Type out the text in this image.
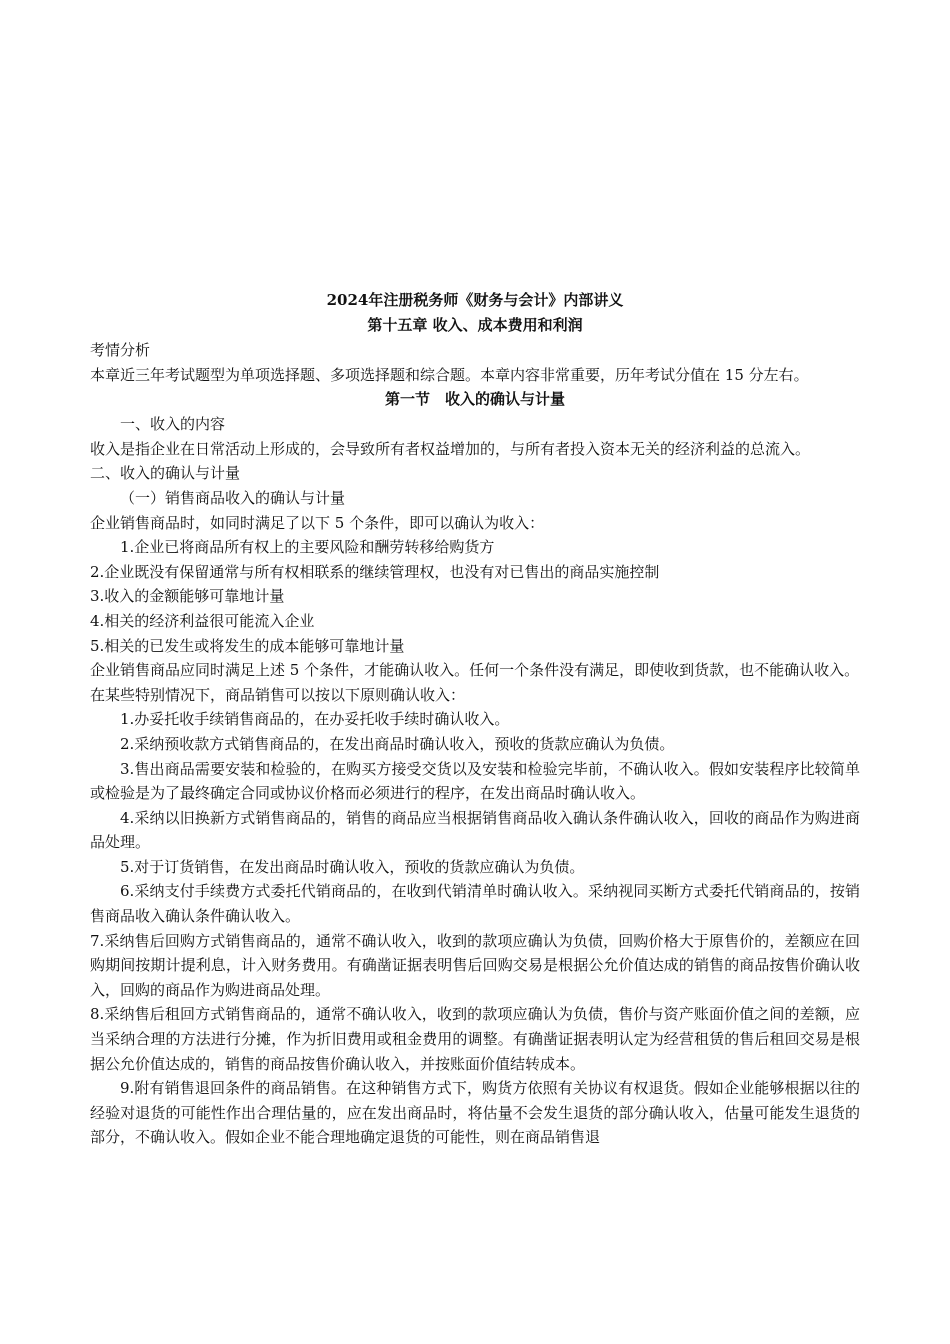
2024年注册税务师《财务与会计》内部讲义
第十五章 收入、成本费用和利润

考情分析

本章近三年考试题型为单项选择题、多项选择题和综合题。本章内容非常重要，历年考试分值在 15 分左右。

第一节　收入的确认与计量

一、收入的内容

收入是指企业在日常活动上形成的，会导致所有者权益增加的，与所有者投入资本无关的经济利益的总流入。

二、收入的确认与计量

（一）销售商品收入的确认与计量

企业销售商品时，如同时满足了以下 5 个条件，即可以确认为收入：

1.企业已将商品所有权上的主要风险和酬劳转移给购货方

2.企业既没有保留通常与所有权相联系的继续管理权，也没有对已售出的商品实施控制

3.收入的金额能够可靠地计量

4.相关的经济利益很可能流入企业

5.相关的已发生或将发生的成本能够可靠地计量

企业销售商品应同时满足上述 5 个条件，才能确认收入。任何一个条件没有满足，即使收到货款，也不能确认收入。

在某些特别情况下，商品销售可以按以下原则确认收入：

1.办妥托收手续销售商品的，在办妥托收手续时确认收入。

2.采纳预收款方式销售商品的，在发出商品时确认收入，预收的货款应确认为负债。

3.售出商品需要安装和检验的，在购买方接受交货以及安装和检验完毕前，不确认收入。假如安装程序比较简单或检验是为了最终确定合同或协议价格而必须进行的程序，在发出商品时确认收入。

4.采纳以旧换新方式销售商品的，销售的商品应当根据销售商品收入确认条件确认收入，回收的商品作为购进商品处理。

5.对于订货销售，在发出商品时确认收入，预收的货款应确认为负债。

6.采纳支付手续费方式委托代销商品的，在收到代销清单时确认收入。采纳视同买断方式委托代销商品的，按销售商品收入确认条件确认收入。

7.采纳售后回购方式销售商品的，通常不确认收入，收到的款项应确认为负债，回购价格大于原售价的，差额应在回购期间按期计提利息，计入财务费用。有确凿证据表明售后回购交易是根据公允价值达成的销售的商品按售价确认收入，回购的商品作为购进商品处理。

8.采纳售后租回方式销售商品的，通常不确认收入，收到的款项应确认为负债，售价与资产账面价值之间的差额，应当采纳合理的方法进行分摊，作为折旧费用或租金费用的调整。有确凿证据表明认定为经营租赁的售后租回交易是根据公允价值达成的，销售的商品按售价确认收入，并按账面价值结转成本。

9.附有销售退回条件的商品销售。在这种销售方式下，购货方依照有关协议有权退货。假如企业能够根据以往的经验对退货的可能性作出合理估量的，应在发出商品时，将估量不会发生退货的部分确认收入，估量可能发生退货的部分，不确认收入。假如企业不能合理地确定退货的可能性，则在商品销售退
